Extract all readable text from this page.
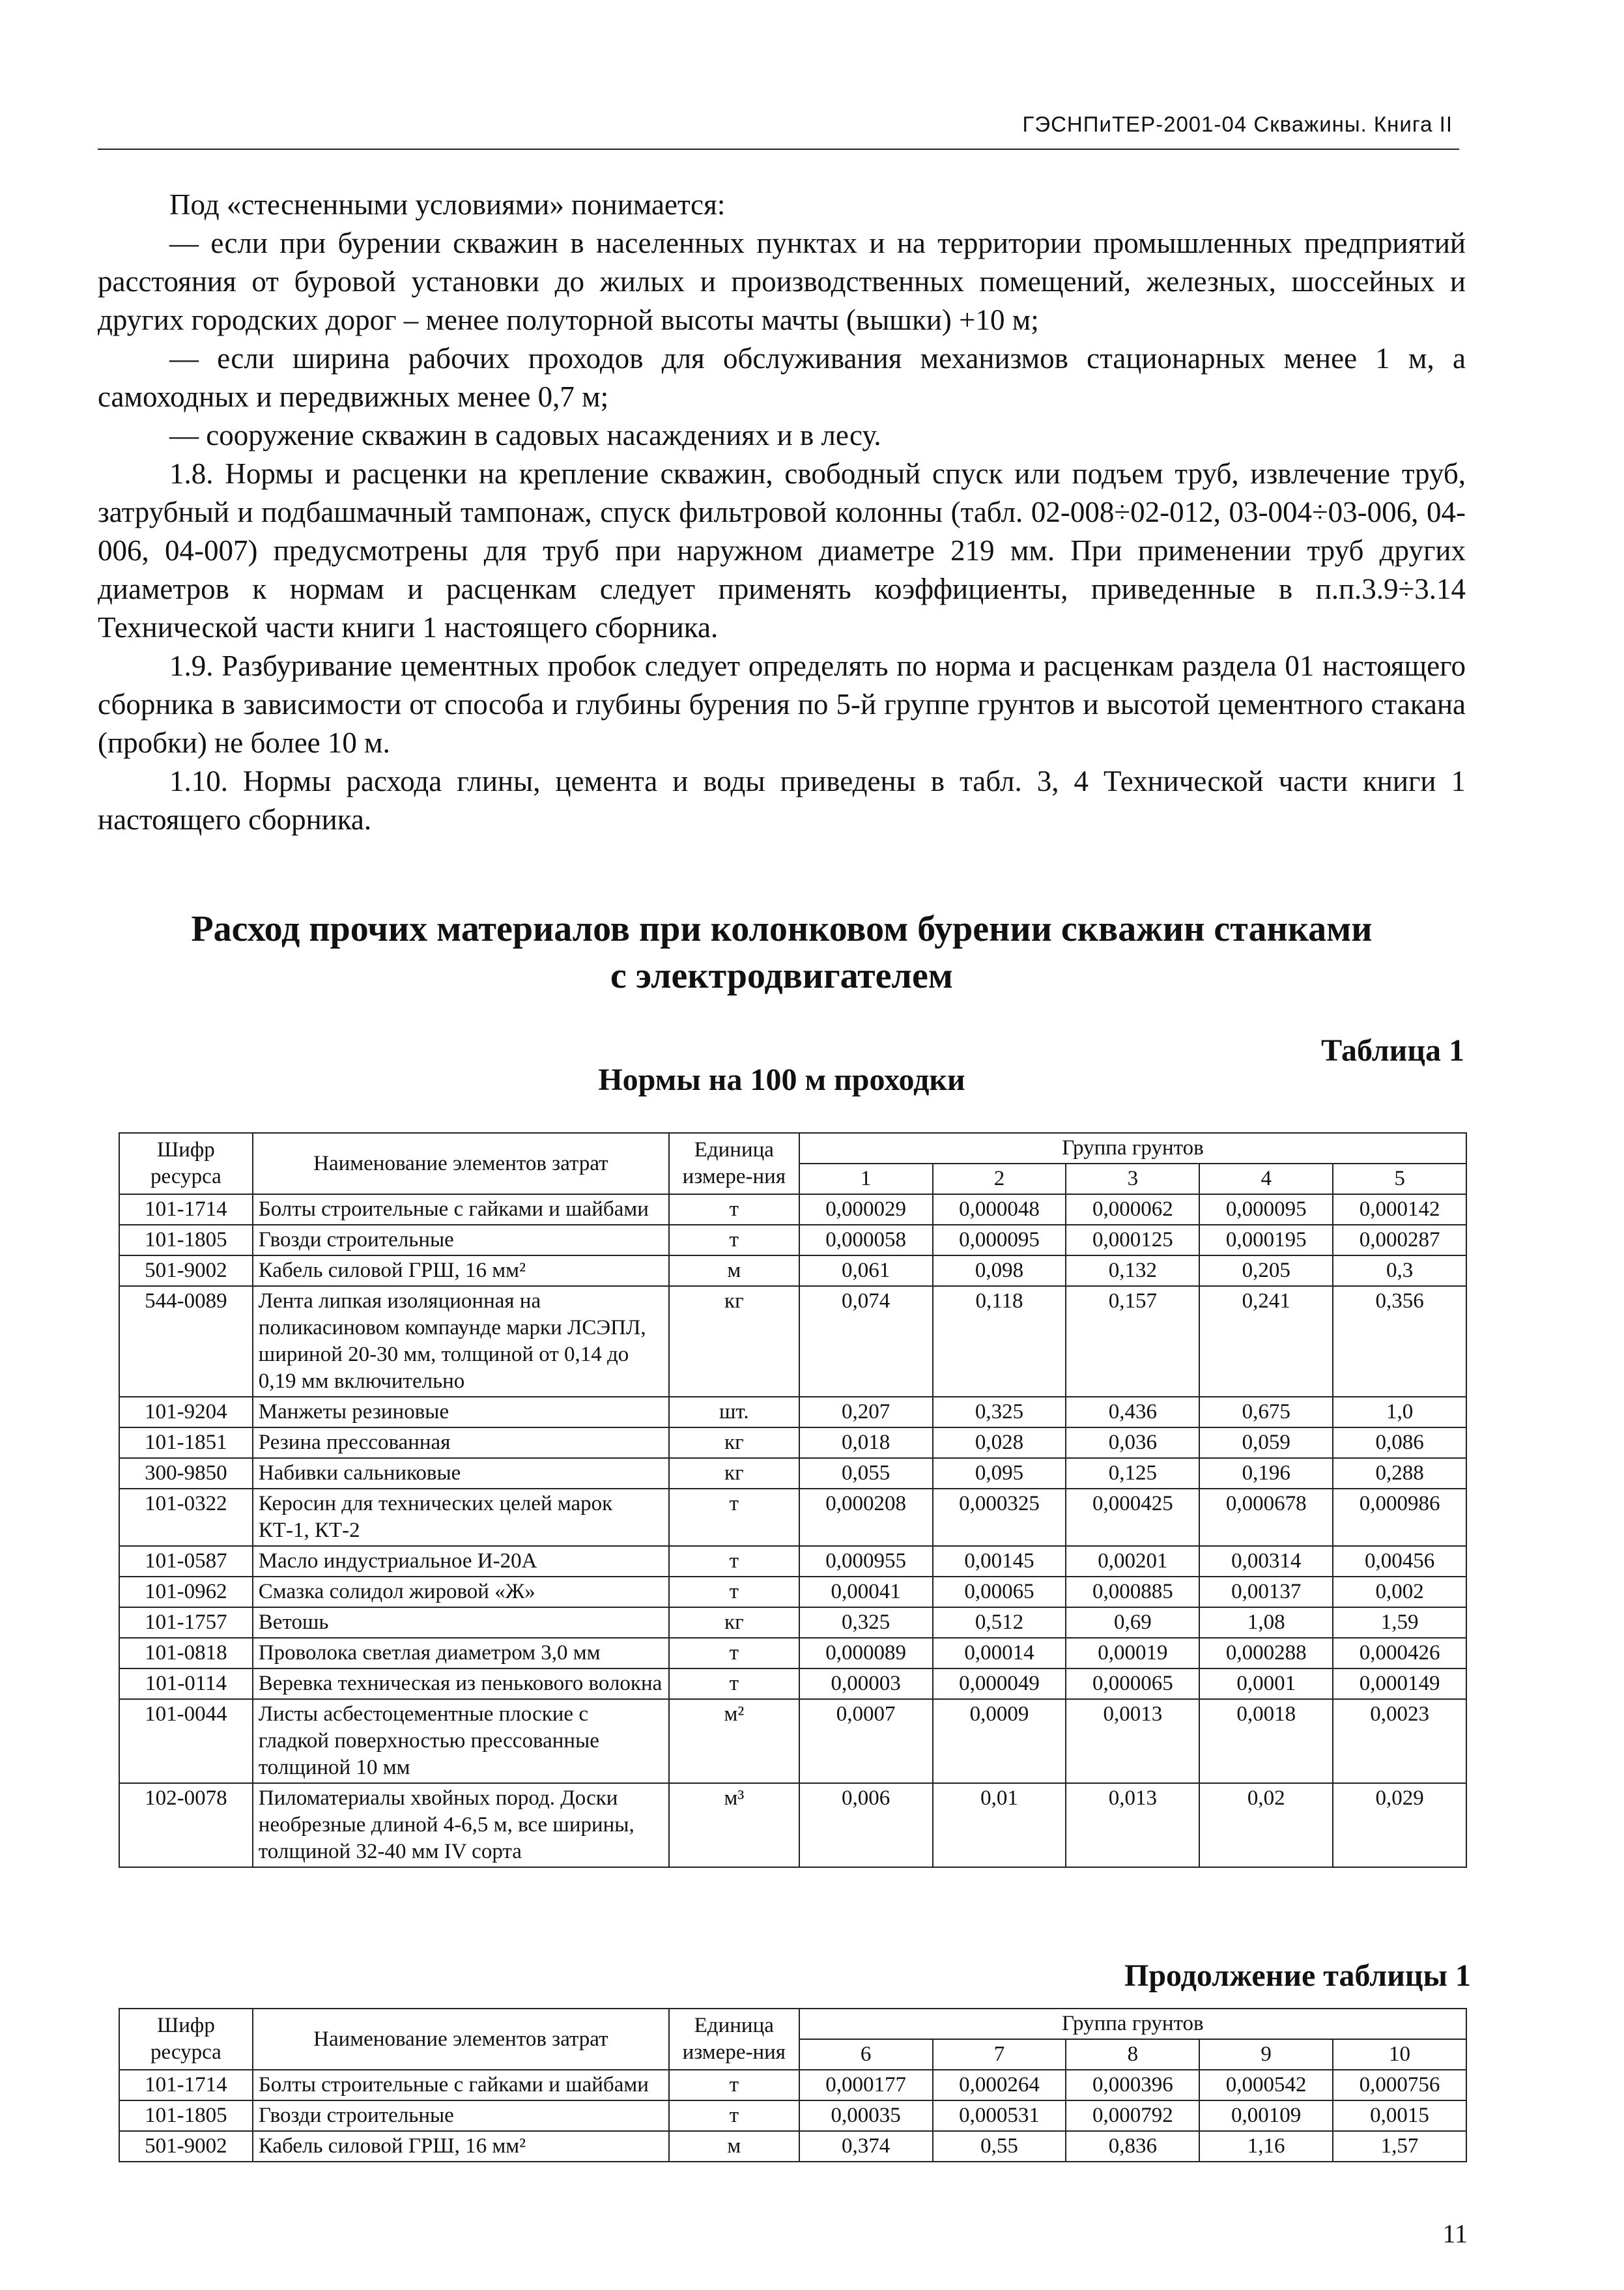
ГЭСНПиТЕР-2001-04 Скважины. Книга II

Под «стесненными условиями» понимается:

— если при бурении скважин в населенных пунктах и на территории промышленных предприятий расстояния от буровой установки до жилых и производственных помещений, железных, шоссейных и других городских дорог – менее полуторной высоты мачты (вышки) +10 м;

— если ширина рабочих проходов для обслуживания механизмов стационарных менее 1 м, а самоходных и передвижных менее 0,7 м;

— сооружение скважин в садовых насаждениях и в лесу.

1.8. Нормы и расценки на крепление скважин, свободный спуск или подъем труб, извлечение труб, затрубный и подбашмачный тампонаж, спуск фильтровой колонны (табл. 02-008÷02-012, 03-004÷03-006, 04-006, 04-007) предусмотрены для труб при наружном диаметре 219 мм. При применении труб других диаметров к нормам и расценкам следует применять коэффициенты, приведенные в п.п.3.9÷3.14 Технической части книги 1 настоящего сборника.

1.9. Разбуривание цементных пробок следует определять по норма и расценкам раздела 01 настоящего сборника в зависимости от способа и глубины бурения по 5-й группе грунтов и высотой цементного стакана (пробки) не более 10 м.

1.10. Нормы расхода глины, цемента и воды приведены в табл. 3, 4 Технической части книги 1 настоящего сборника.

Расход прочих материалов при колонковом бурении скважин станками
с электродвигателем
Таблица 1
Нормы на 100 м проходки
Шифр ресурса	Наименование элементов затрат	Единица измере-ния	Группа грунтов				
			1	2	3	4	5
101-1714	Болты строительные с гайками и шайбами	т	0,000029	0,000048	0,000062	0,000095	0,000142
101-1805	Гвозди строительные	т	0,000058	0,000095	0,000125	0,000195	0,000287
501-9002	Кабель силовой ГРШ, 16 мм²	м	0,061	0,098	0,132	0,205	0,3
544-0089	Лента липкая изоляционная на поликасиновом компаунде марки ЛСЭПЛ, шириной 20-30 мм, толщиной от 0,14 до 0,19 мм включительно	кг	0,074	0,118	0,157	0,241	0,356
101-9204	Манжеты резиновые	шт.	0,207	0,325	0,436	0,675	1,0
101-1851	Резина прессованная	кг	0,018	0,028	0,036	0,059	0,086
300-9850	Набивки сальниковые	кг	0,055	0,095	0,125	0,196	0,288
101-0322	Керосин для технических целей марок КТ-1, КТ-2	т	0,000208	0,000325	0,000425	0,000678	0,000986
101-0587	Масло индустриальное И-20А	т	0,000955	0,00145	0,00201	0,00314	0,00456
101-0962	Смазка солидол жировой «Ж»	т	0,00041	0,00065	0,000885	0,00137	0,002
101-1757	Ветошь	кг	0,325	0,512	0,69	1,08	1,59
101-0818	Проволока светлая диаметром 3,0 мм	т	0,000089	0,00014	0,00019	0,000288	0,000426
101-0114	Веревка техническая из пенькового волокна	т	0,00003	0,000049	0,000065	0,0001	0,000149
101-0044	Листы асбестоцементные плоские с гладкой поверхностью прессованные толщиной 10 мм	м²	0,0007	0,0009	0,0013	0,0018	0,0023
102-0078	Пиломатериалы хвойных пород. Доски необрезные длиной 4-6,5 м, все ширины, толщиной 32-40 мм IV сорта	м³	0,006	0,01	0,013	0,02	0,029
Продолжение таблицы 1
Шифр ресурса	Наименование элементов затрат	Единица измере-ния	Группа грунтов				
			6	7	8	9	10
101-1714	Болты строительные с гайками и шайбами	т	0,000177	0,000264	0,000396	0,000542	0,000756
101-1805	Гвозди строительные	т	0,00035	0,000531	0,000792	0,00109	0,0015
501-9002	Кабель силовой ГРШ, 16 мм²	м	0,374	0,55	0,836	1,16	1,57
11
